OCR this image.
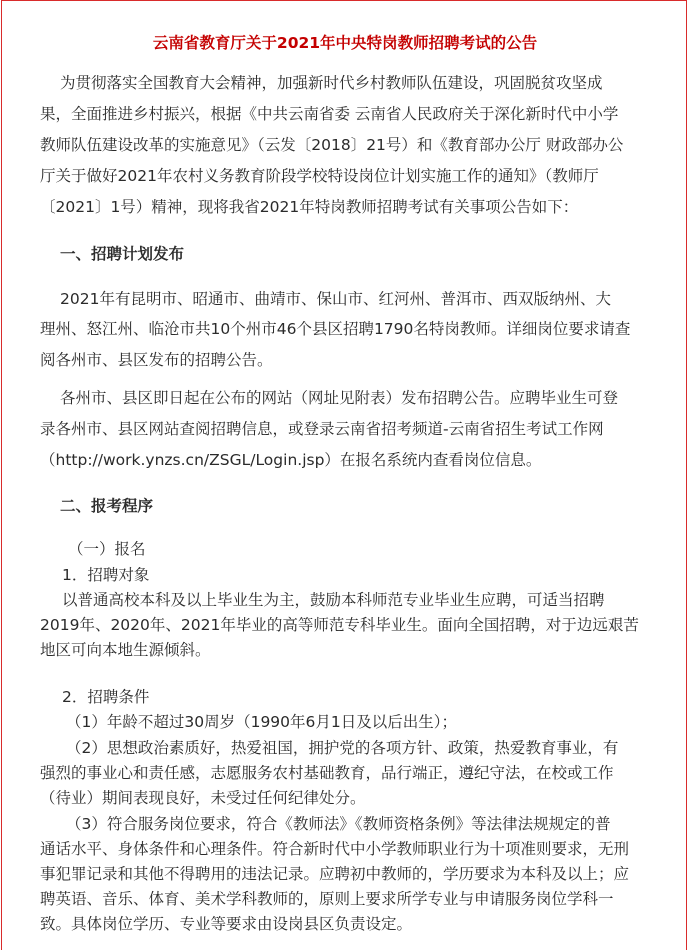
云南省教育厅关于2021年中央特岗教师招聘考试的公告
为贯彻落实全国教育大会精神，加强新时代乡村教师队伍建设，巩固脱贫攻坚成
果，全面推进乡村振兴，根据《中共云南省委 云南省人民政府关于深化新时代中小学
教师队伍建设改革的实施意见》（云发〔2018〕21号）和《教育部办公厅 财政部办公
厅关于做好2021年农村义务教育阶段学校特设岗位计划实施工作的通知》（教师厅
〔2021〕1号）精神，现将我省2021年特岗教师招聘考试有关事项公告如下：
一、招聘计划发布
2021年有昆明市、昭通市、曲靖市、保山市、红河州、普洱市、西双版纳州、大
理州、怒江州、临沧市共10个州市46个县区招聘1790名特岗教师。详细岗位要求请查
阅各州市、县区发布的招聘公告。
各州市、县区即日起在公布的网站（网址见附表）发布招聘公告。应聘毕业生可登
录各州市、县区网站查阅招聘信息，或登录云南省招考频道-云南省招生考试工作网
（http://work.ynzs.cn/ZSGL/Login.jsp）在报名系统内查看岗位信息。
二、报考程序
（一）报名
1．招聘对象
以普通高校本科及以上毕业生为主，鼓励本科师范专业毕业生应聘，可适当招聘
2019年、2020年、2021年毕业的高等师范专科毕业生。面向全国招聘，对于边远艰苦
地区可向本地生源倾斜。
2．招聘条件
（1）年龄不超过30周岁（1990年6月1日及以后出生）；
（2）思想政治素质好，热爱祖国，拥护党的各项方针、政策，热爱教育事业，有
强烈的事业心和责任感，志愿服务农村基础教育，品行端正，遵纪守法，在校或工作
（待业）期间表现良好，未受过任何纪律处分。
（3）符合服务岗位要求，符合《教师法》《教师资格条例》等法律法规规定的普
通话水平、身体条件和心理条件。符合新时代中小学教师职业行为十项准则要求，无刑
事犯罪记录和其他不得聘用的违法记录。应聘初中教师的，学历要求为本科及以上；应
聘英语、音乐、体育、美术学科教师的，原则上要求所学专业与申请服务岗位学科一
致。具体岗位学历、专业等要求由设岗县区负责设定。
